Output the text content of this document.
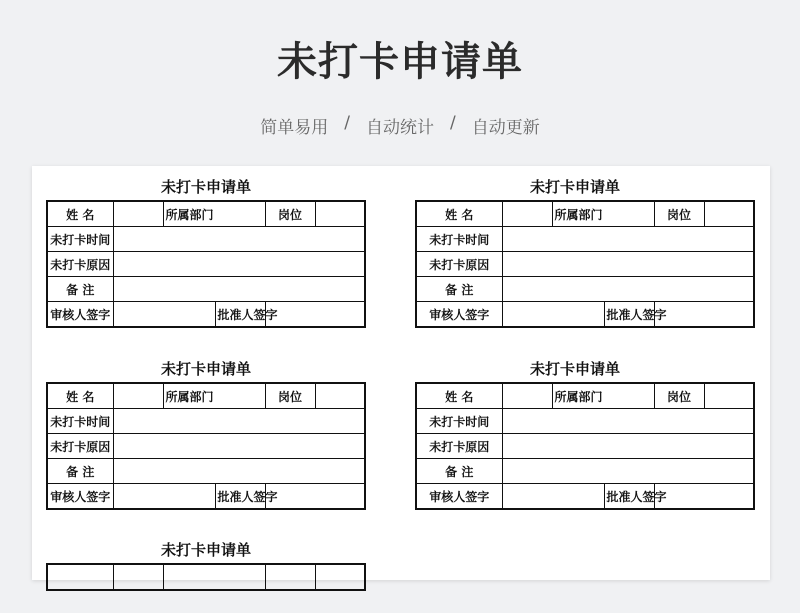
未打卡申请单
简单易用 / 自动统计 / 自动更新
未打卡申请单
姓 名		所属部门		岗位	
未打卡时间					
未打卡原因					
备 注					
审核人签字			批准人签字		
未打卡申请单
姓 名		所属部门		岗位	
未打卡时间					
未打卡原因					
备 注					
审核人签字			批准人签字		
未打卡申请单
姓 名		所属部门		岗位	
未打卡时间					
未打卡原因					
备 注					
审核人签字			批准人签字		
未打卡申请单
姓 名		所属部门		岗位	
未打卡时间					
未打卡原因					
备 注					
审核人签字			批准人签字		
未打卡申请单
